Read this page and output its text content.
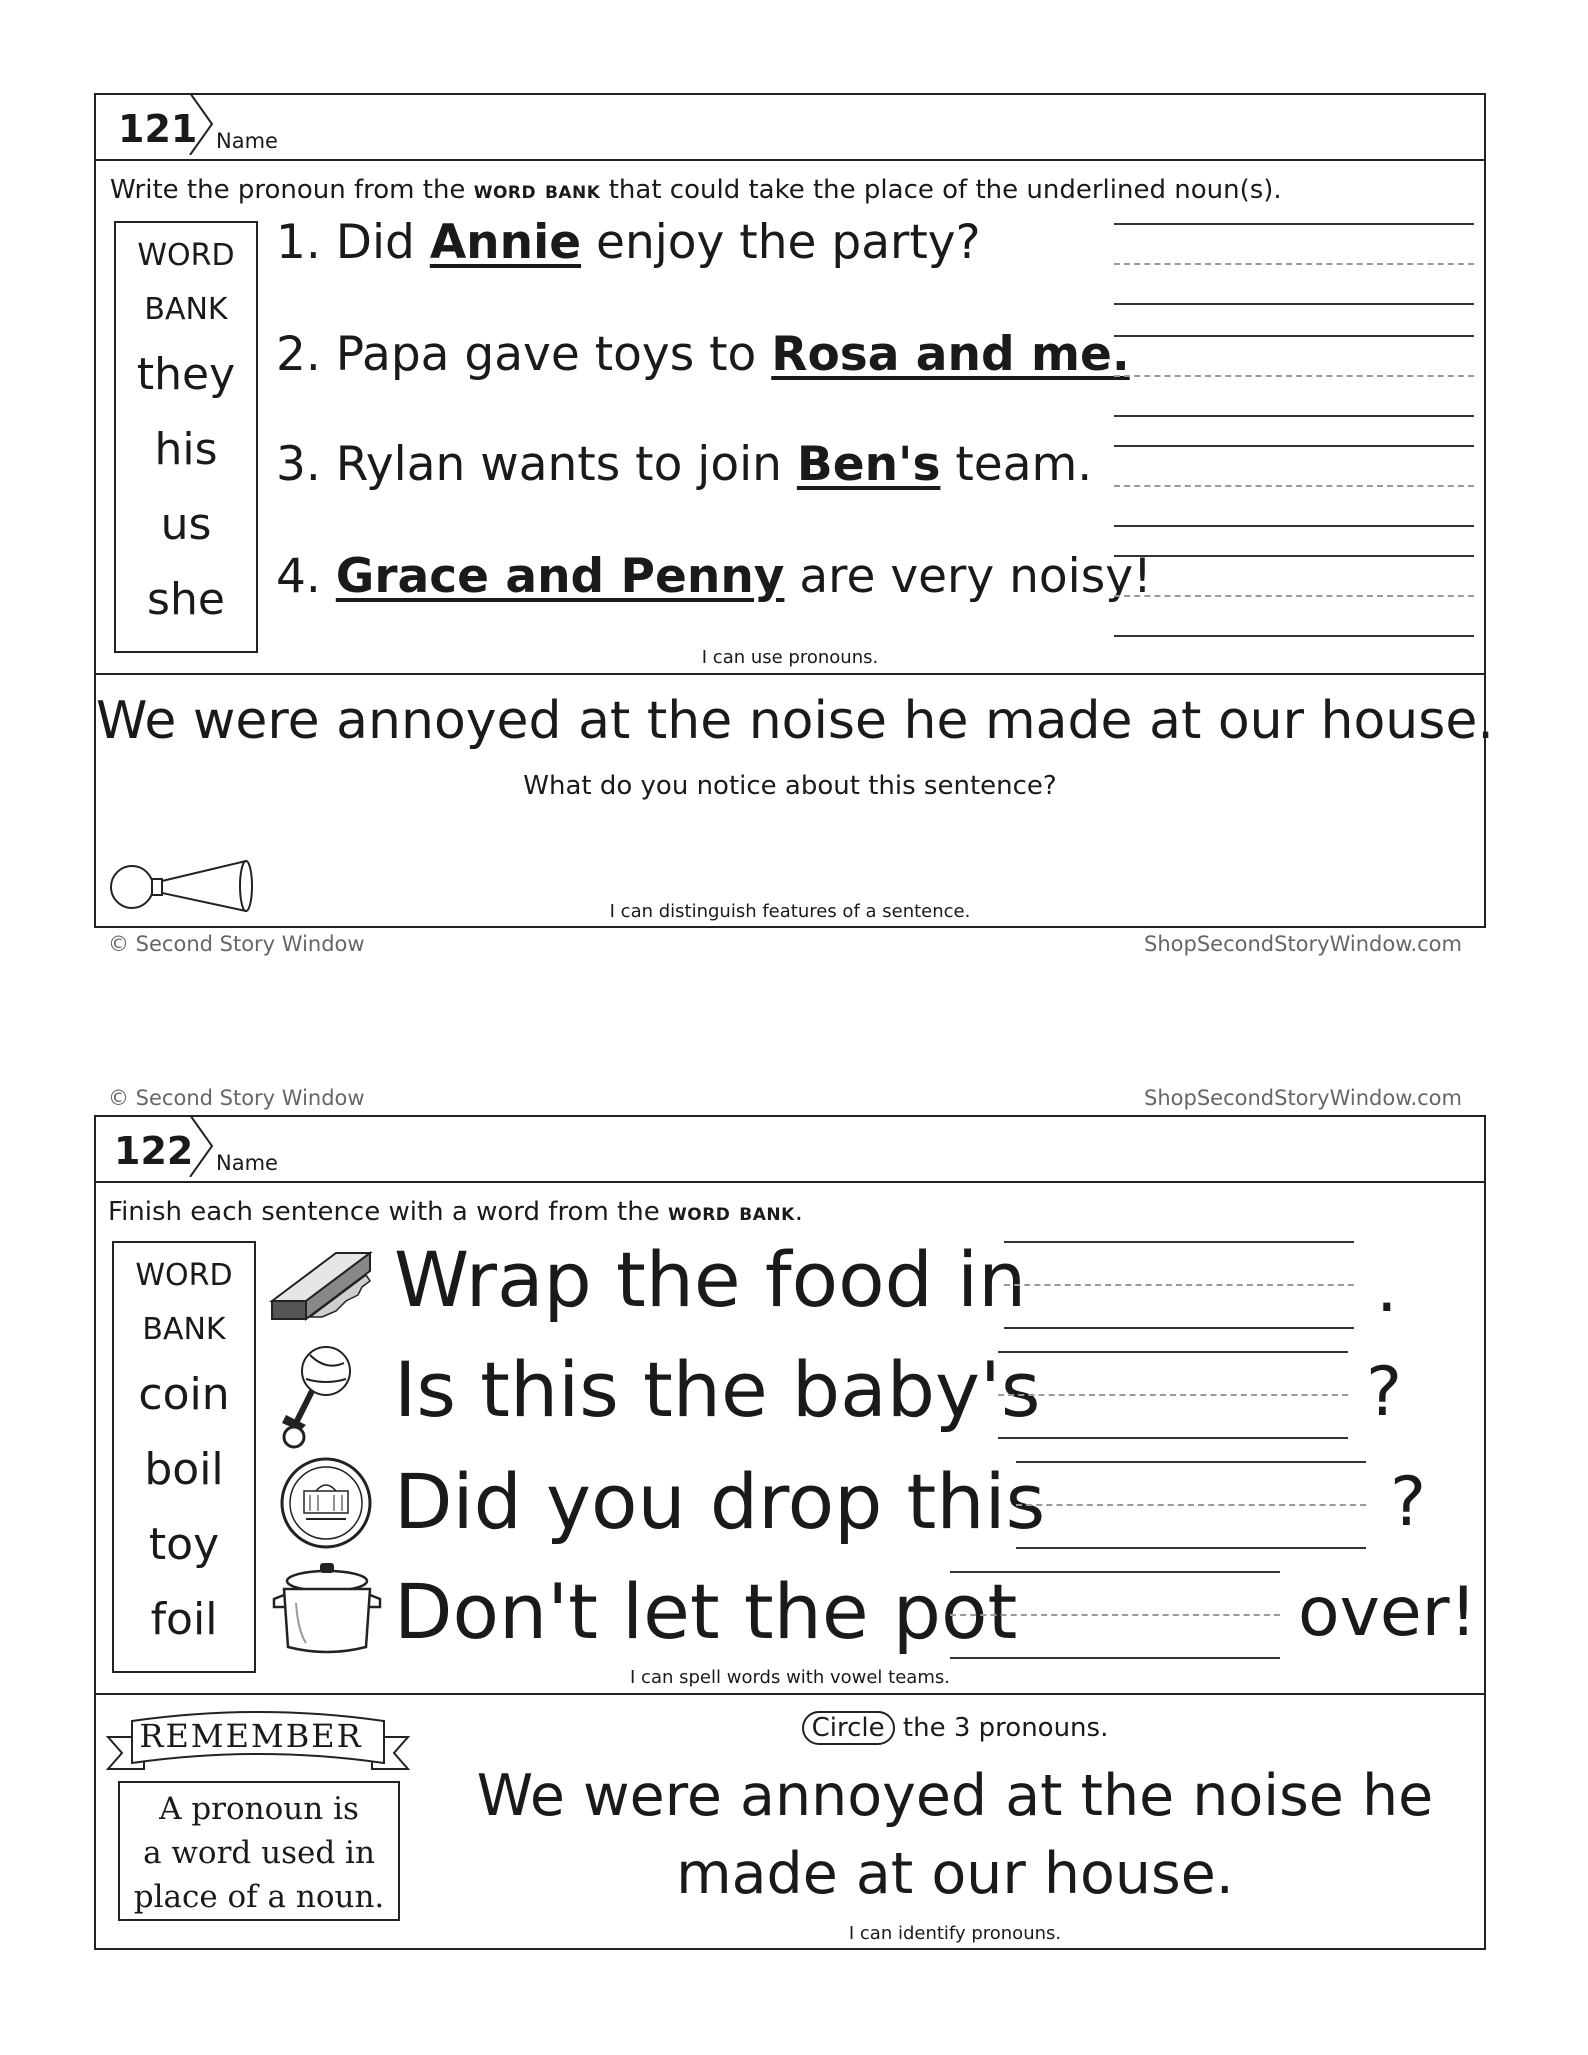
121 Name
Write the pronoun from the word bank that could take the place of the underlined noun(s).
WORD
BANK
they
his
us
she
1. Did Annie enjoy the party?
2. Papa gave toys to Rosa and me.
3. Rylan wants to join Ben's team.
4. Grace and Penny are very noisy!
I can use pronouns.
We were annoyed at the noise he made at our house.
What do you notice about this sentence?
I can distinguish features of a sentence.
© Second Story Window	ShopSecondStoryWindow.com
© Second Story Window	ShopSecondStoryWindow.com
122 Name
Finish each sentence with a word from the word bank.
WORD
BANK
coin
boil
toy
foil
Wrap the food in
Is this the baby's
Did you drop this
Don't let the pot
.
?
?
over!
I can spell words with vowel teams.
REMEMBER
A pronoun is
a word used in
place of a noun.
Circle the 3 pronouns.
We were annoyed at the noise he
made at our house.
I can identify pronouns.
